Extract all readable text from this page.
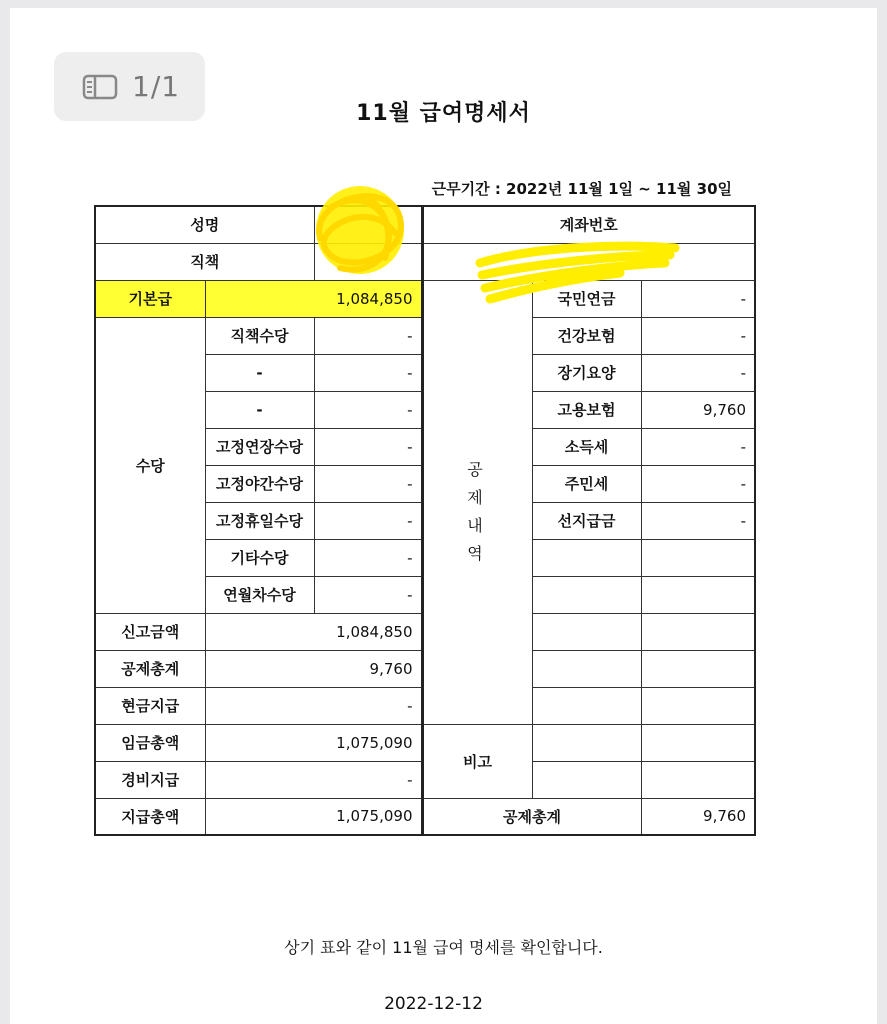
1/1
11월 급여명세서
근무기간 : 2022년 11월 1일 ~ 11월 30일
성명			계좌번호		
직책					
기본급	1,084,850			국민연금	-
수당	직책수당	-		건강보험	-
	-	-		장기요양	-
	-	-		고용보험	9,760
	고정연장수당	-		소득세	-
	고정야간수당	-		주민세	-
	고정휴일수당	-		선지급금	-
	기타수당	-			
	연월차수당	-			
신고금액	1,084,850				
공제총계	9,760				
현금지급	-				
임금총액	1,075,090		비고		
경비지급	-				
지급총액	1,075,090		공제총계		9,760
공
제
내
역
상기 표와 같이 11월 급여 명세를 확인합니다.
2022-12-12
